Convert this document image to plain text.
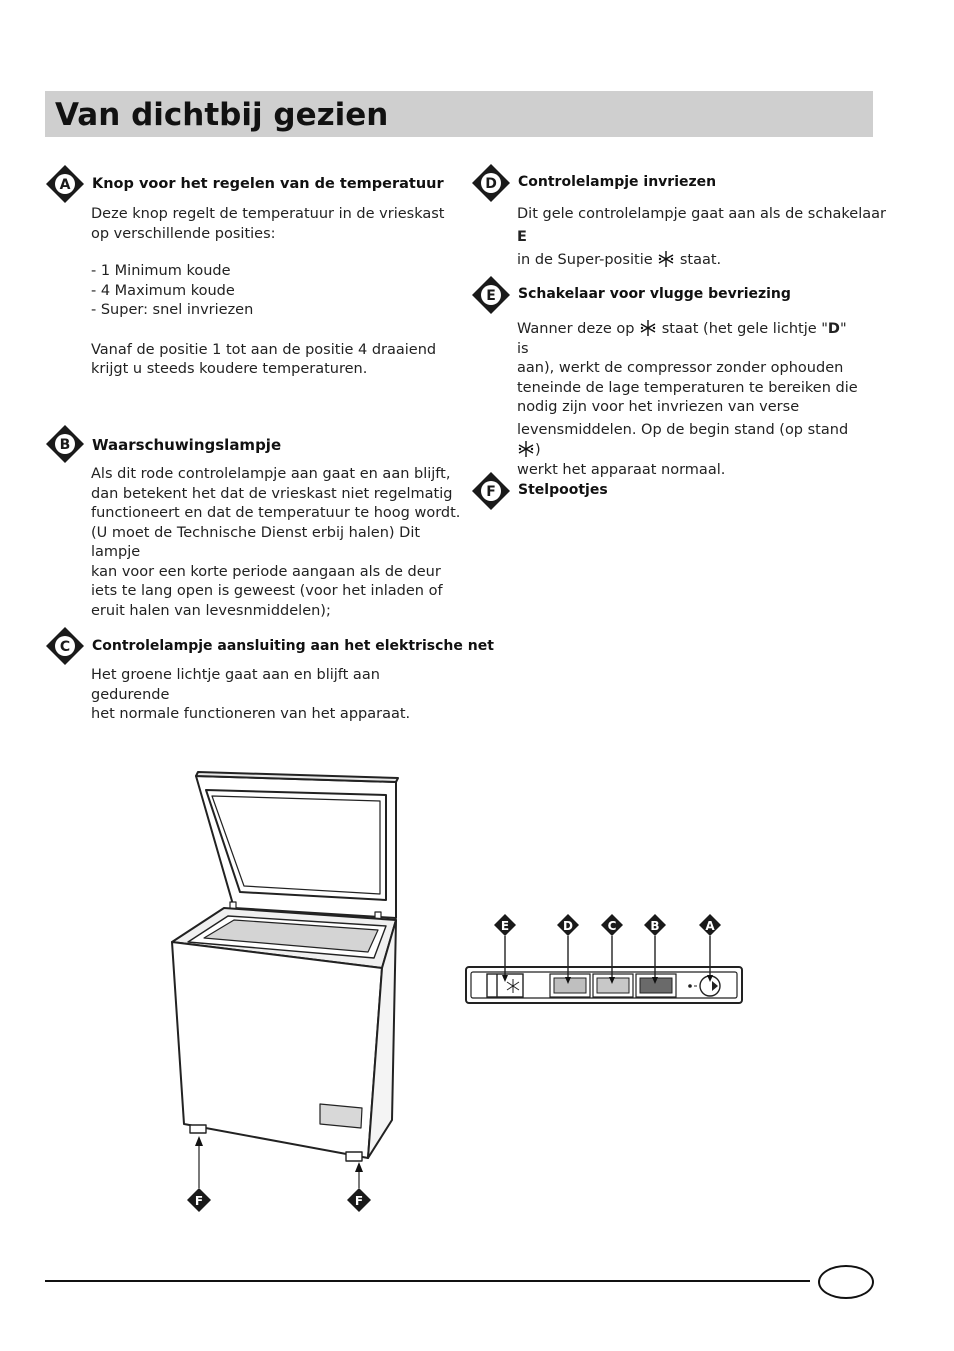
Van dichtbij gezien
A Knop voor het regelen van de temperatuur

Deze knop regelt de temperatuur in de vrieskast

op verschillende posities:

- 1 Minimum koude
- 4 Maximum koude
- Super: snel invriezen

Vanaf de positie 1 tot aan de positie 4 draaiend

krijgt u steeds koudere temperaturen.

B Waarschuwingslampje

Als dit rode controlelampje aan gaat en aan blijft,

dan betekent het dat de vrieskast niet regelmatig

functioneert en dat de temperatuur te hoog wordt.

(U moet de Technische Dienst erbij halen) Dit lampje

kan voor een korte periode aangaan als de deur

iets te lang open is geweest (voor het inladen of

eruit halen van levesnmiddelen);

C Controlelampje aansluiting aan het elektrische net

Het groene lichtje gaat aan en blijft aan gedurende

het normale functioneren van het apparaat.

D Controlelampje invriezen

Dit gele controlelampje gaat aan als de schakelaar E

in de Super-positie
staat.

E Schakelaar voor vlugge bevriezing

Wanner deze op
staat (het gele lichtje "D" is

aan), werkt de compressor zonder ophouden

teneinde de lage temperaturen te bereiken die

nodig zijn voor het invriezen van verse

levensmiddelen. Op de begin stand (op stand
)

werkt het apparaat normaal.

F Stelpootjes
F	F
E	D	C	B	A
